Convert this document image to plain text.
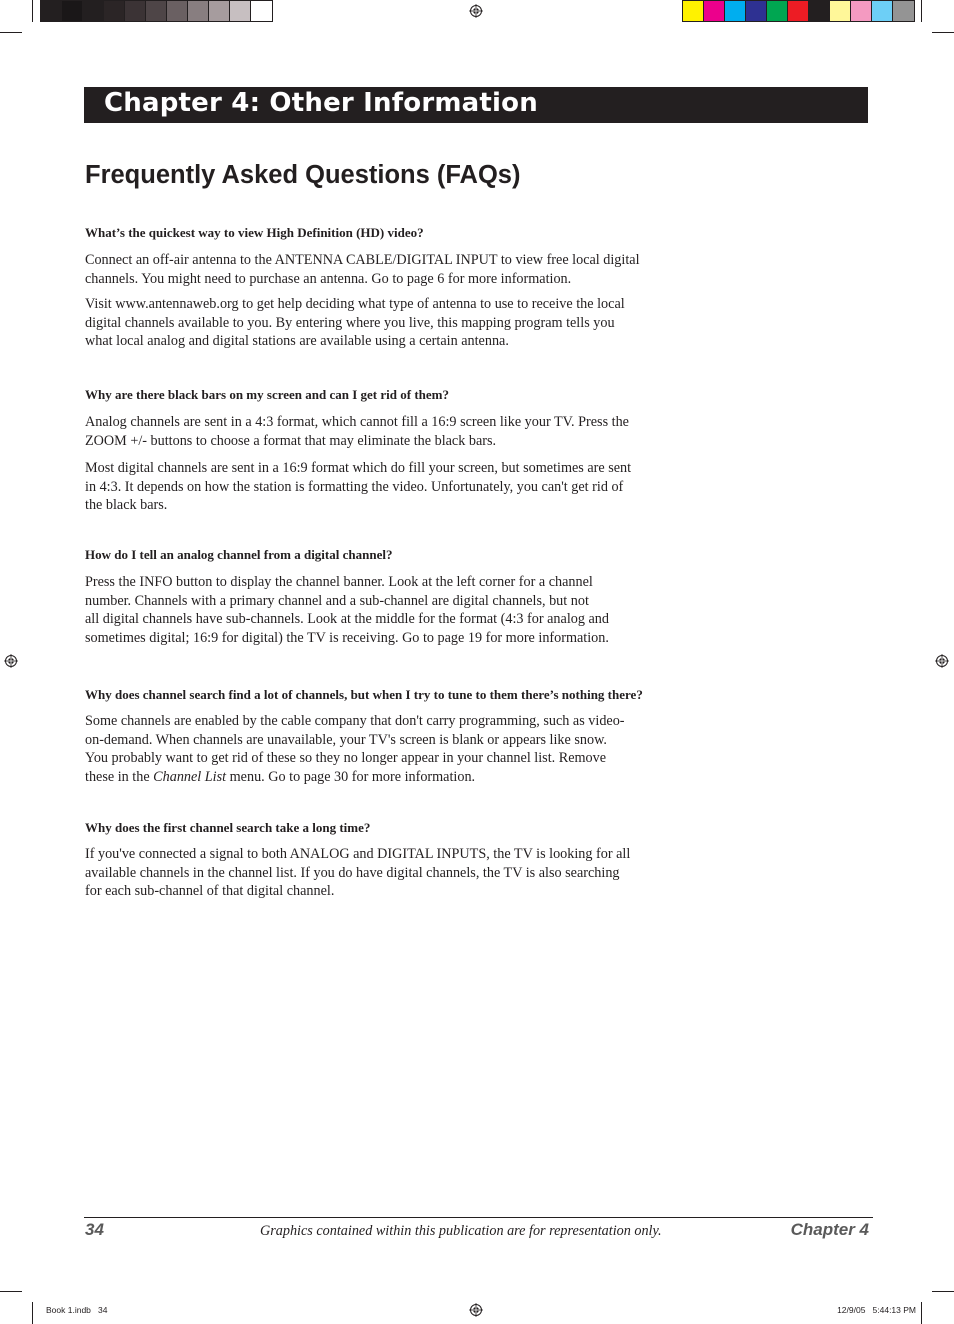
Chapter 4: Other Information
Frequently Asked Questions (FAQs)

What’s the quickest way to view High Definition (HD) video?

Connect an off-air antenna to the ANTENNA CABLE/DIGITAL INPUT to view free local digital
channels. You might need to purchase an antenna. Go to page 6 for more information.

Visit www.antennaweb.org to get help deciding what type of antenna to use to receive the local
digital channels available to you. By entering where you live, this mapping program tells you
what local analog and digital stations are available using a certain antenna.

Why are there black bars on my screen and can I get rid of them?

Analog channels are sent in a 4:3 format, which cannot fill a 16:9 screen like your TV. Press the
ZOOM +/- buttons to choose a format that may eliminate the black bars.

Most digital channels are sent in a 16:9 format which do fill your screen, but sometimes are sent
in 4:3. It depends on how the station is formatting the video. Unfortunately, you can't get rid of
the black bars.

How do I tell an analog channel from a digital channel?

Press the INFO button to display the channel banner. Look at the left corner for a channel
number. Channels with a primary channel and a sub-channel are digital channels, but not
all digital channels have sub-channels. Look at the middle for the format (4:3 for analog and
sometimes digital; 16:9 for digital) the TV is receiving. Go to page 19 for more information.

Why does channel search find a lot of channels, but when I try to tune to them there’s nothing there?

Some channels are enabled by the cable company that don't carry programming, such as video-
on-demand. When channels are unavailable, your TV's screen is blank or appears like snow.
You probably want to get rid of these so they no longer appear in your channel list. Remove
these in the Channel List menu. Go to page 30 for more information.

Why does the first channel search take a long time?

If you've connected a signal to both ANALOG and DIGITAL INPUTS, the TV is looking for all
available channels in the channel list. If you do have digital channels, the TV is also searching
for each sub-channel of that digital channel.

34	Graphics contained within this publication are for representation only.	Chapter 4
Book 1.indb   34	12/9/05   5:44:13 PM
